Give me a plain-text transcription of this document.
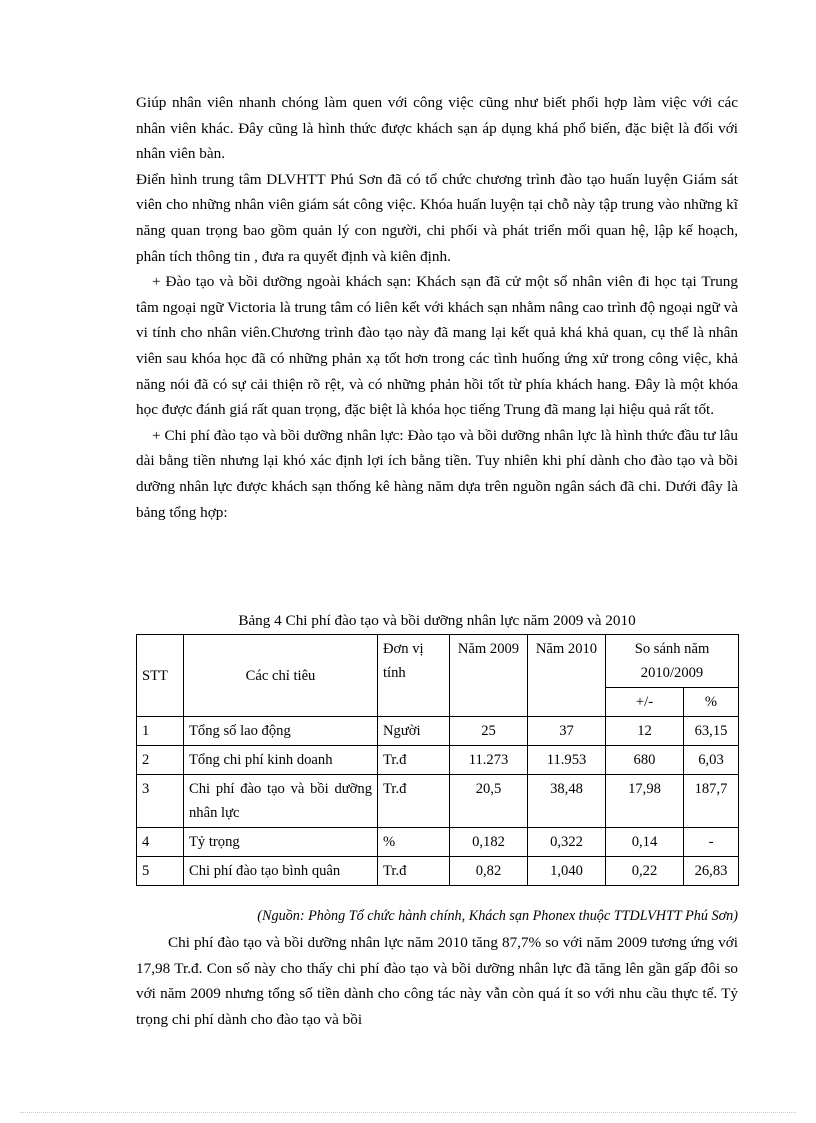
Giúp nhân viên nhanh chóng làm quen với công việc cũng như biết phối hợp làm việc với các nhân viên khác. Đây cũng là hình thức được khách sạn áp dụng khá phổ biến, đặc biệt là đối với nhân viên bàn.

Điển hình trung tâm DLVHTT Phú Sơn đã có tổ chức chương trình đào tạo huấn luyện Giám sát viên cho những nhân viên giám sát công việc. Khóa huấn luyện tại chỗ này tập trung vào những kĩ năng quan trọng bao gồm quản lý con người, chi phối và phát triển mối quan hệ, lập kế hoạch, phân tích thông tin , đưa ra quyết định và kiên định.

+ Đào tạo và bồi dưỡng ngoài khách sạn: Khách sạn đã cử một số nhân viên đi học tại Trung tâm ngoại ngữ Victoria là trung tâm có liên kết với khách sạn nhằm nâng cao trình độ ngoại ngữ và vi tính cho nhân viên.Chương trình đào tạo này đã mang lại kết quả khá khả quan, cụ thể là nhân viên sau khóa học đã có những phản xạ tốt hơn trong các tình huống ứng xử trong công việc, khả năng nói đã có sự cải thiện rõ rệt, và có những phản hồi tốt từ phía khách hang. Đây là một khóa học được đánh giá rất quan trọng, đặc biệt là khóa học tiếng Trung đã mang lại hiệu quả rất tốt.

+ Chi phí đào tạo và bồi dưỡng nhân lực: Đào tạo và bồi dưỡng nhân lực là hình thức đầu tư lâu dài bằng tiền nhưng lại khó xác định lợi ích bằng tiền. Tuy nhiên khi phí dành cho đào tạo và bồi dưỡng nhân lực được khách sạn thống kê hàng năm dựa trên nguồn ngân sách đã chi. Dưới đây là bảng tổng hợp:

Bảng 4 Chi phí đào tạo và bồi dưỡng nhân lực năm 2009 và 2010
STT	Các chỉ tiêu	Đơn vị tính	Năm 2009	Năm 2010	So sánh năm 2010/2009	
					+/-	%
1	Tổng số lao động	Người	25	37	12	63,15
2	Tổng chi phí kinh doanh	Tr.đ	11.273	11.953	680	6,03
3	Chi phí đào tạo và bồi dưỡng nhân lực	Tr.đ	20,5	38,48	17,98	187,7
4	Tỷ trọng	%	0,182	0,322	0,14	-
5	Chi phí đào tạo bình quân	Tr.đ	0,82	1,040	0,22	26,83
(Nguồn: Phòng Tổ chức hành chính, Khách sạn Phonex thuộc TTDLVHTT Phú Sơn)

Chi phí đào tạo và bồi dưỡng nhân lực năm 2010 tăng 87,7% so với năm 2009 tương ứng với 17,98 Tr.đ. Con số này cho thấy chi phí đào tạo và bồi dưỡng nhân lực đã tăng lên gần gấp đôi so với năm 2009 nhưng tổng số tiền dành cho công tác này vẫn còn quá ít so với nhu cầu thực tế. Tỷ trọng chi phí dành cho đào tạo và bồi
